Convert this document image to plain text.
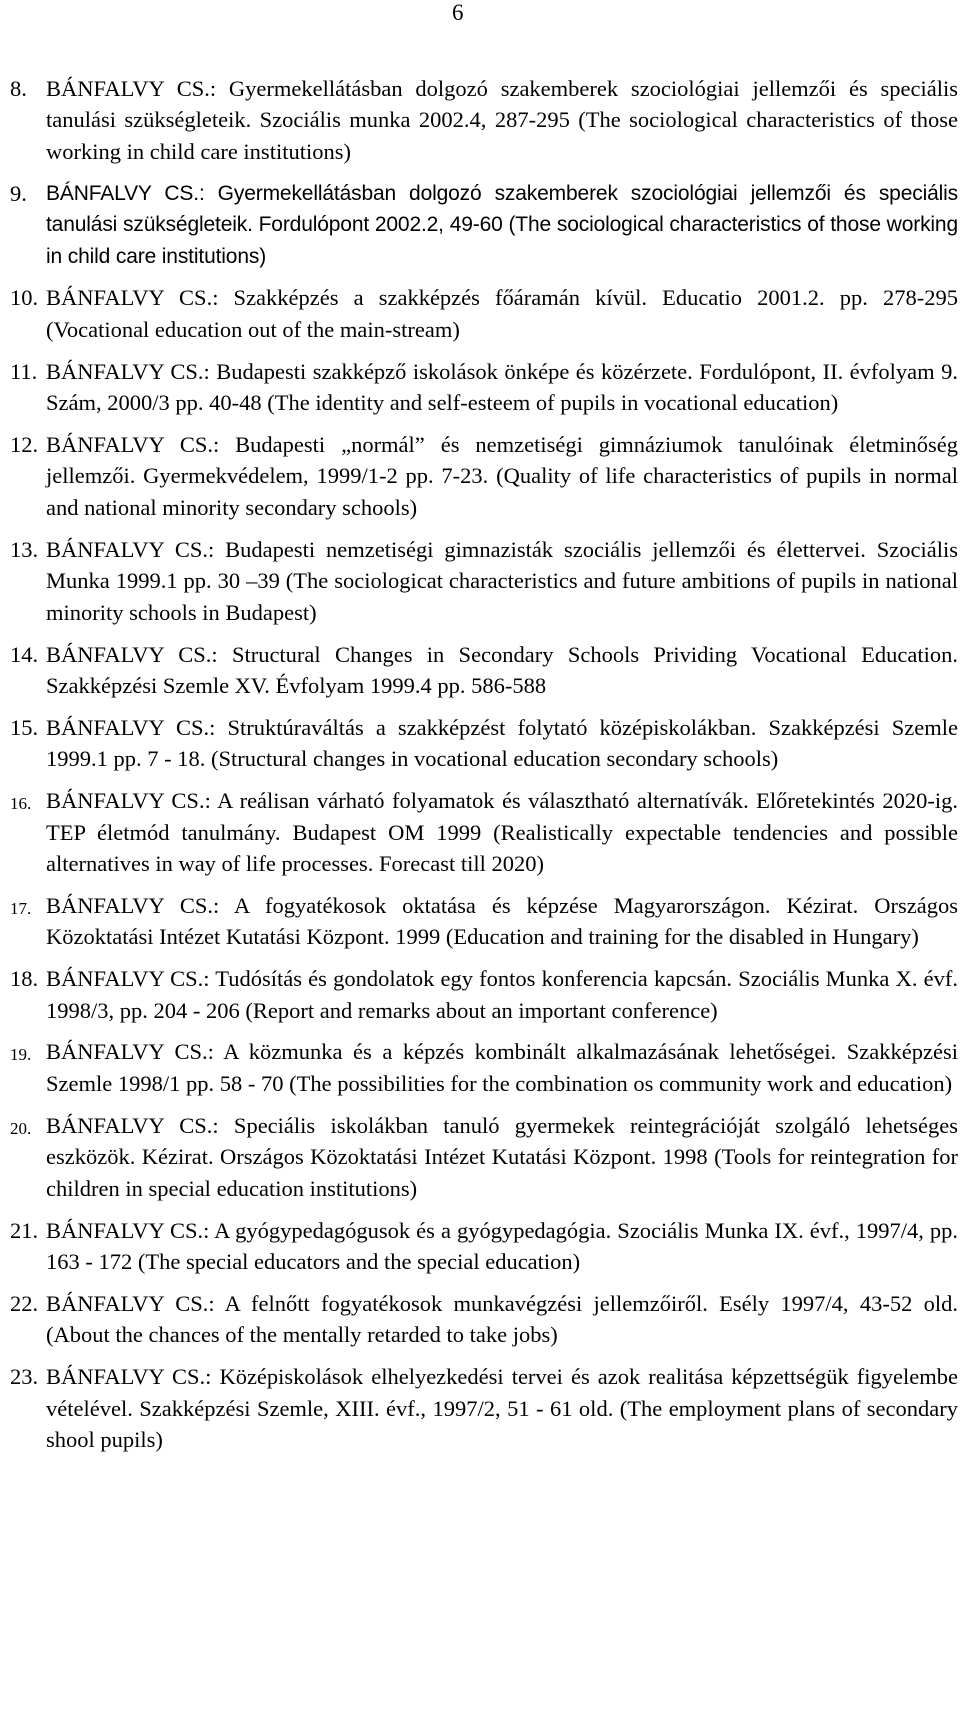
6
8. BÁNFALVY CS.: Gyermekellátásban dolgozó szakemberek szociológiai jellemzői és speciális tanulási szükségleteik. Szociális munka 2002.4, 287-295 (The sociological characteristics of those working in child care institutions)
9. BÁNFALVY CS.: Gyermekellátásban dolgozó szakemberek szociológiai jellemzői és speciális tanulási szükségleteik. Fordulópont 2002.2, 49-60 (The sociological characteristics of those working in child care institutions)
10. BÁNFALVY CS.: Szakképzés a szakképzés főáramán kívül. Educatio 2001.2. pp. 278-295 (Vocational education out of the main-stream)
11. BÁNFALVY CS.: Budapesti szakképző iskolások önképe és közérzete. Fordulópont, II. évfolyam 9. Szám, 2000/3 pp. 40-48 (The identity and self-esteem of pupils in vocational education)
12. BÁNFALVY CS.: Budapesti „normál” és nemzetiségi gimnáziumok tanulóinak életminőség jellemzői. Gyermekvédelem, 1999/1-2 pp. 7-23. (Quality of life characteristics of pupils in normal and national minority secondary schools)
13. BÁNFALVY CS.: Budapesti nemzetiségi gimnazisták szociális jellemzői és élettervei. Szociális Munka 1999.1 pp. 30 –39 (The sociologicat characteristics and future ambitions of pupils in national minority schools in Budapest)
14. BÁNFALVY CS.: Structural Changes in Secondary Schools Prividing Vocational Education. Szakképzési Szemle XV. Évfolyam 1999.4 pp. 586-588
15. BÁNFALVY CS.: Struktúraváltás a szakképzést folytató középiskolákban. Szakképzési Szemle 1999.1 pp. 7 - 18. (Structural changes in vocational education secondary schools)
16. BÁNFALVY CS.: A reálisan várható folyamatok és választható alternatívák. Előretekintés 2020-ig. TEP életmód tanulmány. Budapest OM 1999 (Realistically expectable tendencies and possible alternatives in way of life processes. Forecast till 2020)
17. BÁNFALVY CS.: A fogyatékosok oktatása és képzése Magyarországon. Kézirat. Országos Közoktatási Intézet Kutatási Központ. 1999 (Education and training for the disabled in Hungary)
18. BÁNFALVY CS.: Tudósítás és gondolatok egy fontos konferencia kapcsán. Szociális Munka X. évf. 1998/3, pp. 204 - 206 (Report and remarks about an important conference)
19. BÁNFALVY CS.: A közmunka és a képzés kombinált alkalmazásának lehetőségei. Szakképzési Szemle 1998/1 pp. 58 - 70 (The possibilities for the combination os community work and education)
20. BÁNFALVY CS.: Speciális iskolákban tanuló gyermekek reintegrációját szolgáló lehetséges eszközök. Kézirat. Országos Közoktatási Intézet Kutatási Központ. 1998 (Tools for reintegration for children in special education institutions)
21. BÁNFALVY CS.: A gyógypedagógusok és a gyógypedagógia. Szociális Munka IX. évf., 1997/4, pp. 163 - 172 (The special educators and the special education)
22. BÁNFALVY CS.: A felnőtt fogyatékosok munkavégzési jellemzőiről. Esély 1997/4, 43-52 old. (About the chances of the mentally retarded to take jobs)
23. BÁNFALVY CS.: Középiskolások elhelyezkedési tervei és azok realitása képzettségük figyelembe vételével. Szakképzési Szemle, XIII. évf., 1997/2, 51 - 61 old. (The employment plans of secondary shool pupils)
